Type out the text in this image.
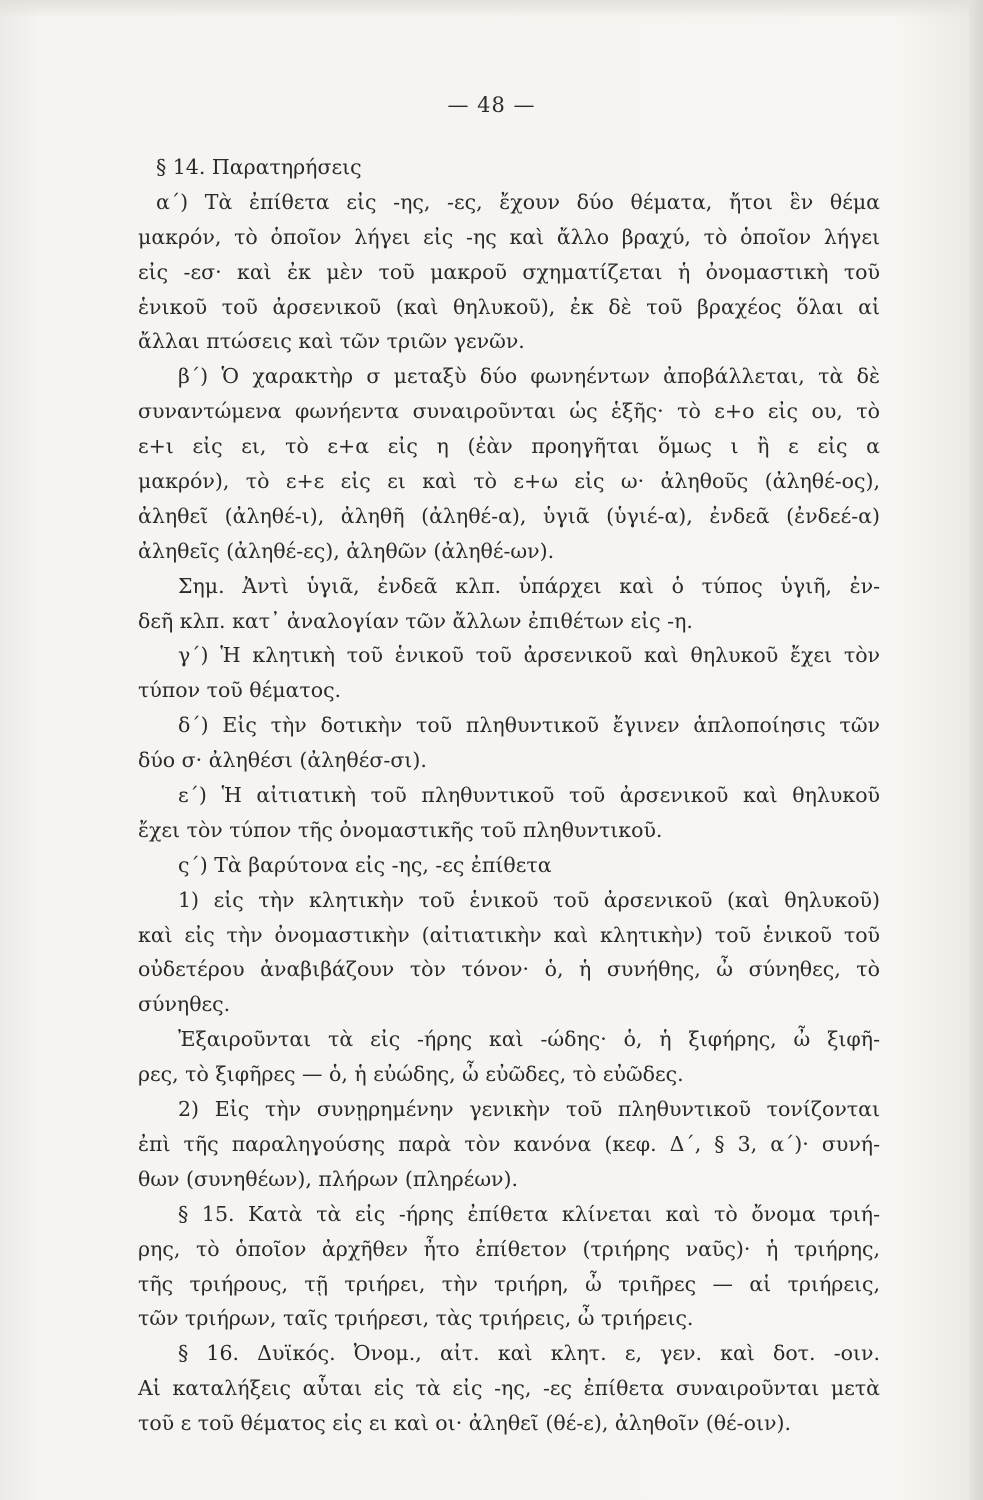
— 48 —
§ 14. Παρατηρήσεις
α΄) Τὰ ἐπίθετα εἰς -ης, -ες, ἔχουν δύο θέματα, ἤτοι ἓν θέμα
μακρόν, τὸ ὁποῖον λήγει εἰς -ης καὶ ἄλλο βραχύ, τὸ ὁποῖον λήγει
εἰς -εσ· καὶ ἐκ μὲν τοῦ μακροῦ σχηματίζεται ἡ ὀνομαστικὴ τοῦ
ἑνικοῦ τοῦ ἀρσενικοῦ (καὶ θηλυκοῦ), ἐκ δὲ τοῦ βραχέος ὅλαι αἱ
ἄλλαι πτώσεις καὶ τῶν τριῶν γενῶν.
β΄) Ὁ χαρακτὴρ σ μεταξὺ δύο φωνηέντων ἀποβάλλεται, τὰ δὲ
συναντώμενα φωνήεντα συναιροῦνται ὡς ἑξῆς· τὸ ε+ο εἰς ου, τὸ
ε+ι εἰς ει, τὸ ε+α εἰς η (ἐὰν προηγῆται ὅμως ι ἢ ε εἰς α
μακρόν), τὸ ε+ε εἰς ει καὶ τὸ ε+ω εἰς ω· ἀληθοῦς (ἀληθέ-ος),
ἀληθεῖ (ἀληθέ-ι), ἀληθῆ (ἀληθέ-α), ὑγιᾶ (ὑγιέ-α), ἐνδεᾶ (ἐνδεέ-α)
ἀληθεῖς (ἀληθέ-ες), ἀληθῶν (ἀληθέ-ων).
Σημ. Ἀντὶ ὑγιᾶ, ἐνδεᾶ κλπ. ὑπάρχει καὶ ὁ τύπος ὑγιῆ, ἐν-
δεῆ κλπ. κατ᾽ ἀναλογίαν τῶν ἄλλων ἐπιθέτων εἰς -η.
γ΄) Ἡ κλητικὴ τοῦ ἑνικοῦ τοῦ ἀρσενικοῦ καὶ θηλυκοῦ ἔχει τὸν
τύπον τοῦ θέματος.
δ΄) Εἰς τὴν δοτικὴν τοῦ πληθυντικοῦ ἔγινεν ἁπλοποίησις τῶν
δύο σ· ἀληθέσι (ἀληθέσ-σι).
ε΄) Ἡ αἰτιατικὴ τοῦ πληθυντικοῦ τοῦ ἀρσενικοῦ καὶ θηλυκοῦ
ἔχει τὸν τύπον τῆς ὀνομαστικῆς τοῦ πληθυντικοῦ.
ς΄) Τὰ βαρύτονα εἰς -ης, -ες ἐπίθετα
1) εἰς τὴν κλητικὴν τοῦ ἑνικοῦ τοῦ ἀρσενικοῦ (καὶ θηλυκοῦ)
καὶ εἰς τὴν ὀνομαστικὴν (αἰτιατικὴν καὶ κλητικὴν) τοῦ ἑνικοῦ τοῦ
οὐδετέρου ἀναβιβάζουν τὸν τόνον· ὁ, ἡ συνήθης, ὦ σύνηθες, τὸ
σύνηθες.
Ἐξαιροῦνται τὰ εἰς -ήρης καὶ -ώδης· ὁ, ἡ ξιφήρης, ὦ ξιφῆ-
ρες, τὸ ξιφῆρες — ὁ, ἡ εὐώδης, ὦ εὐῶδες, τὸ εὐῶδες.
2) Εἰς τὴν συνῃρημένην γενικὴν τοῦ πληθυντικοῦ τονίζονται
ἐπὶ τῆς παραληγούσης παρὰ τὸν κανόνα (κεφ. Δ΄, § 3, α΄)· συνή-
θων (συνηθέων), πλήρων (πληρέων).
§ 15. Κατὰ τὰ εἰς -ήρης ἐπίθετα κλίνεται καὶ τὸ ὄνομα τριή-
ρης, τὸ ὁποῖον ἀρχῆθεν ἦτο ἐπίθετον (τριήρης ναῦς)· ἡ τριήρης,
τῆς τριήρους, τῇ τριήρει, τὴν τριήρη, ὦ τριῆρες — αἱ τριήρεις,
τῶν τριήρων, ταῖς τριήρεσι, τὰς τριήρεις, ὦ τριήρεις.
§ 16. Δυϊκός. Ὀνομ., αἰτ. καὶ κλητ. ε, γεν. καὶ δοτ. -οιν.
Αἱ καταλήξεις αὗται εἰς τὰ εἰς -ης, -ες ἐπίθετα συναιροῦνται μετὰ
τοῦ ε τοῦ θέματος εἰς ει καὶ οι· ἀληθεῖ (θέ-ε), ἀληθοῖν (θέ-οιν).
